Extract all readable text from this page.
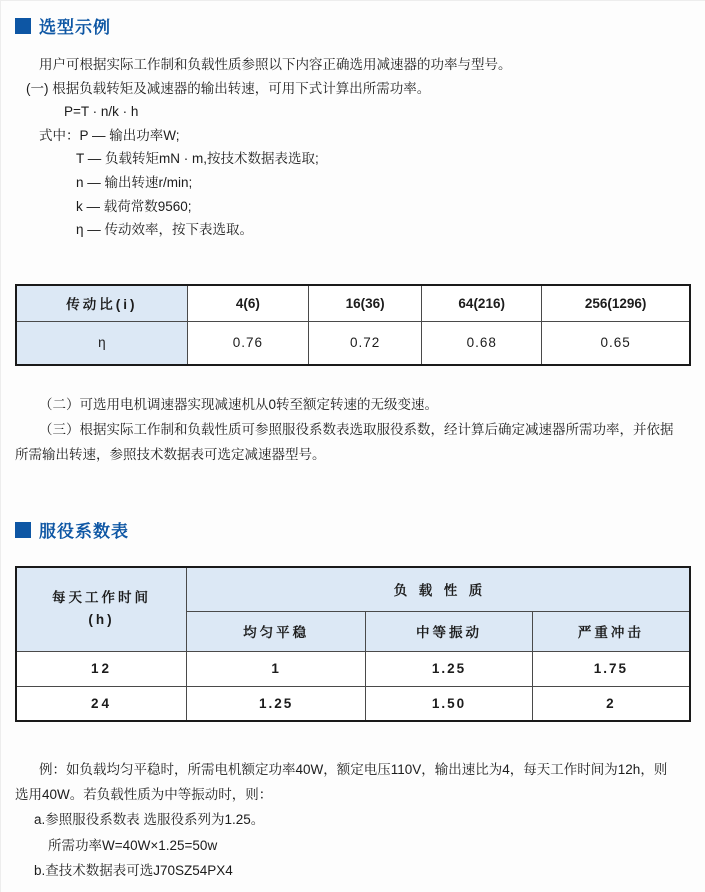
选型示例
用户可根据实际工作制和负载性质参照以下内容正确选用减速器的功率与型号。
(一) 根据负载转矩及减速器的输出转速，可用下式计算出所需功率。
P=T · n/k · h
式中：P — 输出功率W;
T — 负载转矩mN · m,按技术数据表选取;
n — 输出转速r/min;
k — 载荷常数9560;
η — 传动效率，按下表选取。
传动比(i)	4(6)	16(36)	64(216)	256(1296)
η	0.76	0.72	0.68	0.65
（二）可选用电机调速器实现减速机从0转至额定转速的无级变速。
（三）根据实际工作制和负载性质可参照服役系数表选取服役系数，经计算后确定减速器所需功率，并依据
所需输出转速，参照技术数据表可选定减速器型号。
服役系数表
每天工作时间
(h)	负载性质		
	均匀平稳	中等振动	严重冲击
12	1	1.25	1.75
24	1.25	1.50	2
例：如负载均匀平稳时，所需电机额定功率40W，额定电压110V，输出速比为4，每天工作时间为12h，则
选用40W。若负载性质为中等振动时，则：
a.参照服役系数表 选服役系列为1.25。
所需功率W=40W×1.25=50w
b.查技术数据表可选J70SZ54PX4
